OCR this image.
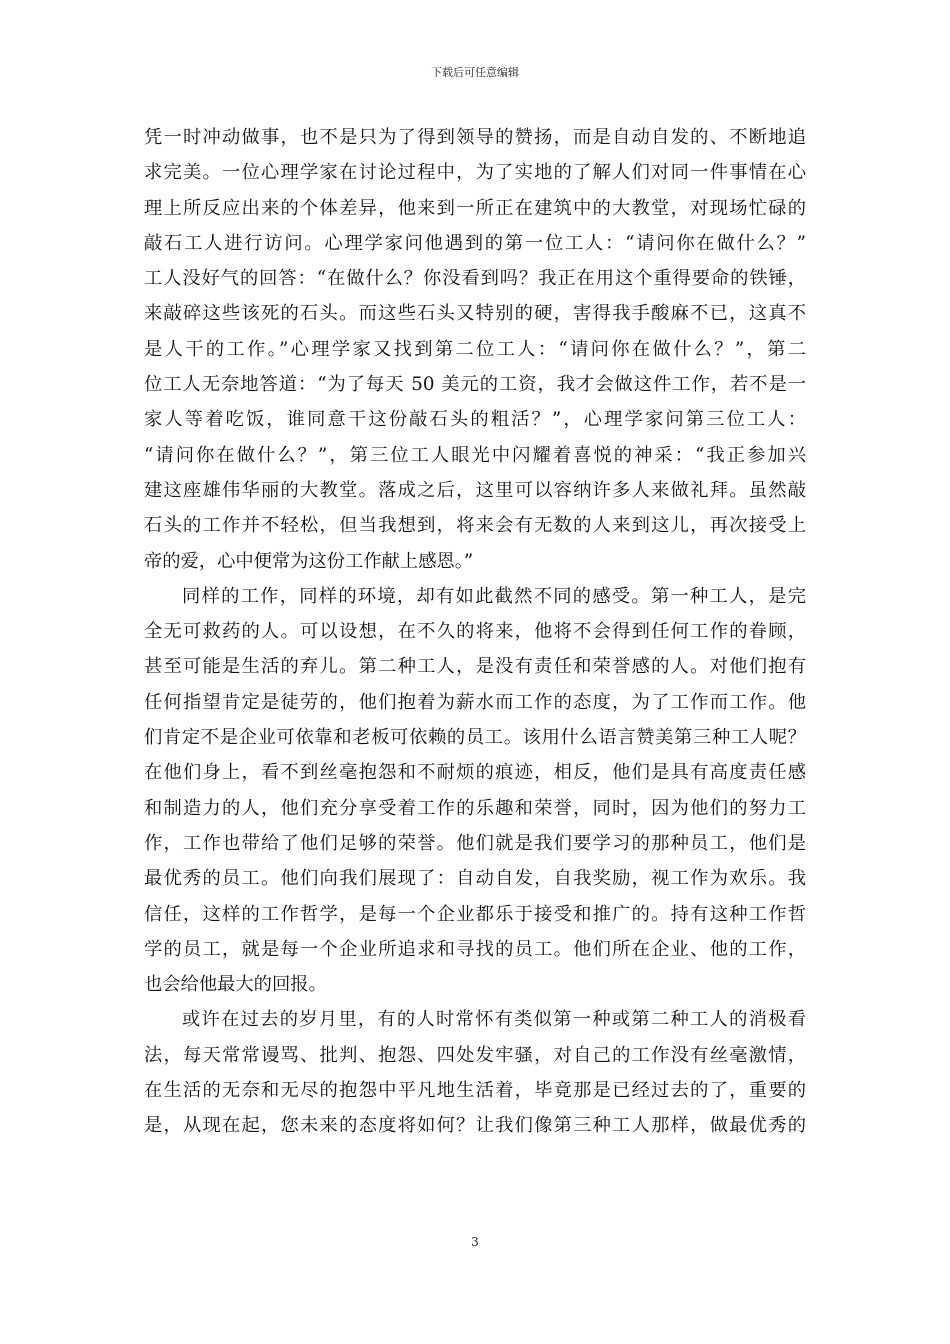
下载后可任意编辑
凭一时冲动做事，也不是只为了得到领导的赞扬，而是自动自发的、不断地追
求完美。一位心理学家在讨论过程中，为了实地的了解人们对同一件事情在心
理上所反应出来的个体差异，他来到一所正在建筑中的大教堂，对现场忙碌的
敲石工人进行访问。心理学家问他遇到的第一位工人：“请问你在做什么？”
工人没好气的回答：“在做什么？你没看到吗？我正在用这个重得要命的铁锤，
来敲碎这些该死的石头。而这些石头又特别的硬，害得我手酸麻不已，这真不
是人干的工作。”心理学家又找到第二位工人：“请问你在做什么？”，第二
位工人无奈地答道：“为了每天 50 美元的工资，我才会做这件工作，若不是一
家人等着吃饭，谁同意干这份敲石头的粗活？”，心理学家问第三位工人：
“请问你在做什么？”，第三位工人眼光中闪耀着喜悦的神采：“我正参加兴
建这座雄伟华丽的大教堂。落成之后，这里可以容纳许多人来做礼拜。虽然敲
石头的工作并不轻松，但当我想到，将来会有无数的人来到这儿，再次接受上
帝的爱，心中便常为这份工作献上感恩。”
同样的工作，同样的环境，却有如此截然不同的感受。第一种工人，是完
全无可救药的人。可以设想，在不久的将来，他将不会得到任何工作的眷顾，
甚至可能是生活的弃儿。第二种工人，是没有责任和荣誉感的人。对他们抱有
任何指望肯定是徒劳的，他们抱着为薪水而工作的态度，为了工作而工作。他
们肯定不是企业可依靠和老板可依赖的员工。该用什么语言赞美第三种工人呢？
在他们身上，看不到丝毫抱怨和不耐烦的痕迹，相反，他们是具有高度责任感
和制造力的人，他们充分享受着工作的乐趣和荣誉，同时，因为他们的努力工
作，工作也带给了他们足够的荣誉。他们就是我们要学习的那种员工，他们是
最优秀的员工。他们向我们展现了：自动自发，自我奖励，视工作为欢乐。我
信任，这样的工作哲学，是每一个企业都乐于接受和推广的。持有这种工作哲
学的员工，就是每一个企业所追求和寻找的员工。他们所在企业、他的工作，
也会给他最大的回报。
或许在过去的岁月里，有的人时常怀有类似第一种或第二种工人的消极看
法，每天常常谩骂、批判、抱怨、四处发牢骚，对自己的工作没有丝毫激情，
在生活的无奈和无尽的抱怨中平凡地生活着，毕竟那是已经过去的了，重要的
是，从现在起，您未来的态度将如何？让我们像第三种工人那样，做最优秀的
3
